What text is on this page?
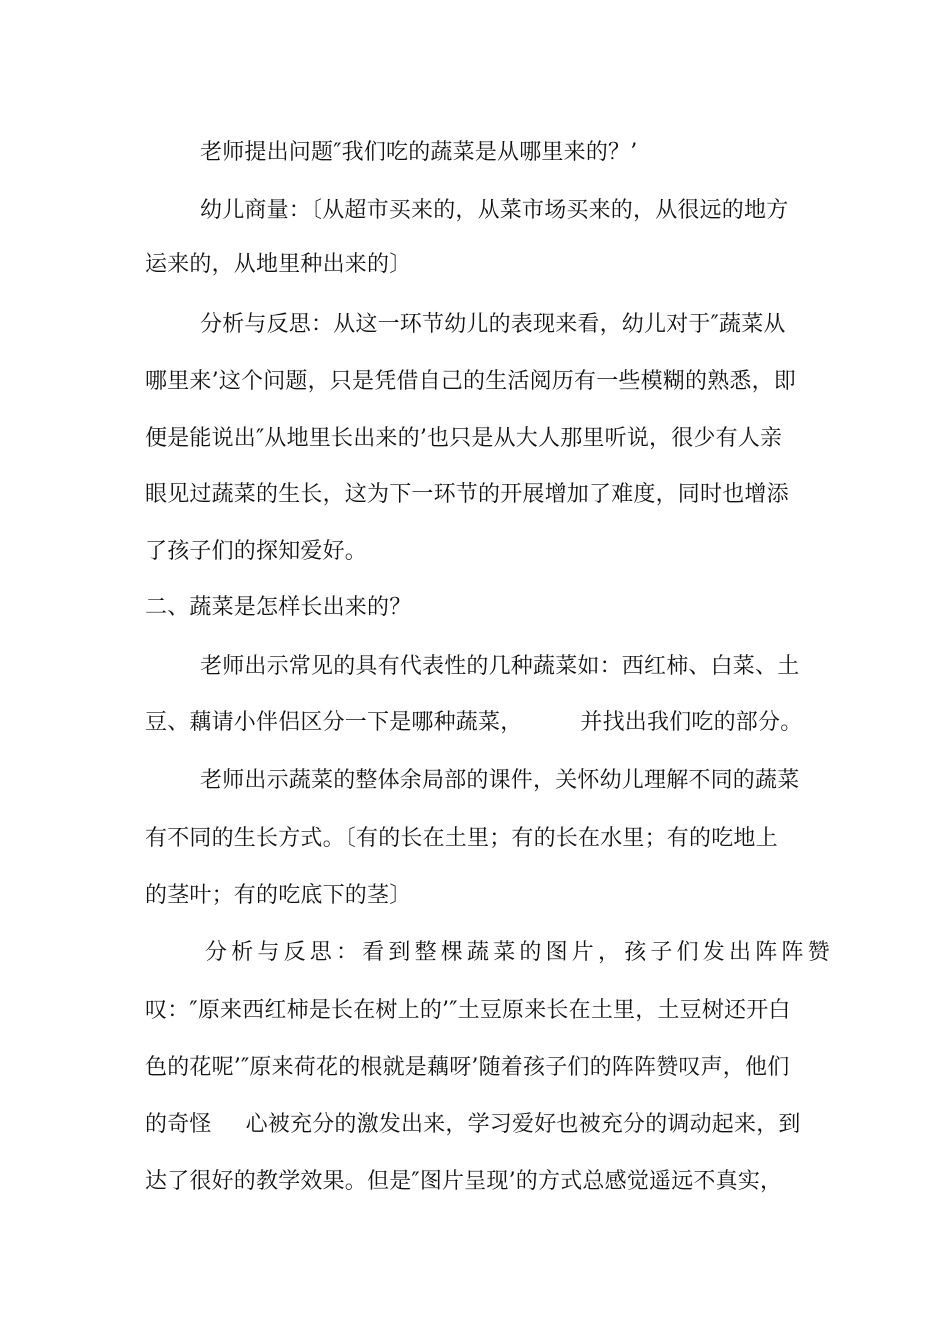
老师提出问题″我们吃的蔬菜是从哪里来的？’
幼儿商量：〔从超市买来的，从菜市场买来的，从很远的地方
运来的，从地里种出来的〕
分析与反思：从这一环节幼儿的表现来看，幼儿对于″蔬菜从
哪里来’这个问题，只是凭借自己的生活阅历有一些模糊的熟悉，即
便是能说出″从地里长出来的’也只是从大人那里听说，很少有人亲
眼见过蔬菜的生长，这为下一环节的开展增加了难度，同时也增添
了孩子们的探知爱好。
二、蔬菜是怎样长出来的？
老师出示常见的具有代表性的几种蔬菜如：西红柿、白菜、土
豆、藕请小伴侣区分一下是哪种蔬菜，	并找出我们吃的部分。
老师出示蔬菜的整体余局部的课件，关怀幼儿理解不同的蔬菜
有不同的生长方式。〔有的长在土里；有的长在水里；有的吃地上
的茎叶；有的吃底下的茎〕
分析与反思：看到整棵蔬菜的图片，孩子们发出阵阵赞
叹：″原来西红柿是长在树上的’″土豆原来长在土里，土豆树还开白
色的花呢’″原来荷花的根就是藕呀’随着孩子们的阵阵赞叹声，他们
的奇怪 心被充分的激发出来，学习爱好也被充分的调动起来，到
达了很好的教学效果。但是″图片呈现’的方式总感觉遥远不真实，
